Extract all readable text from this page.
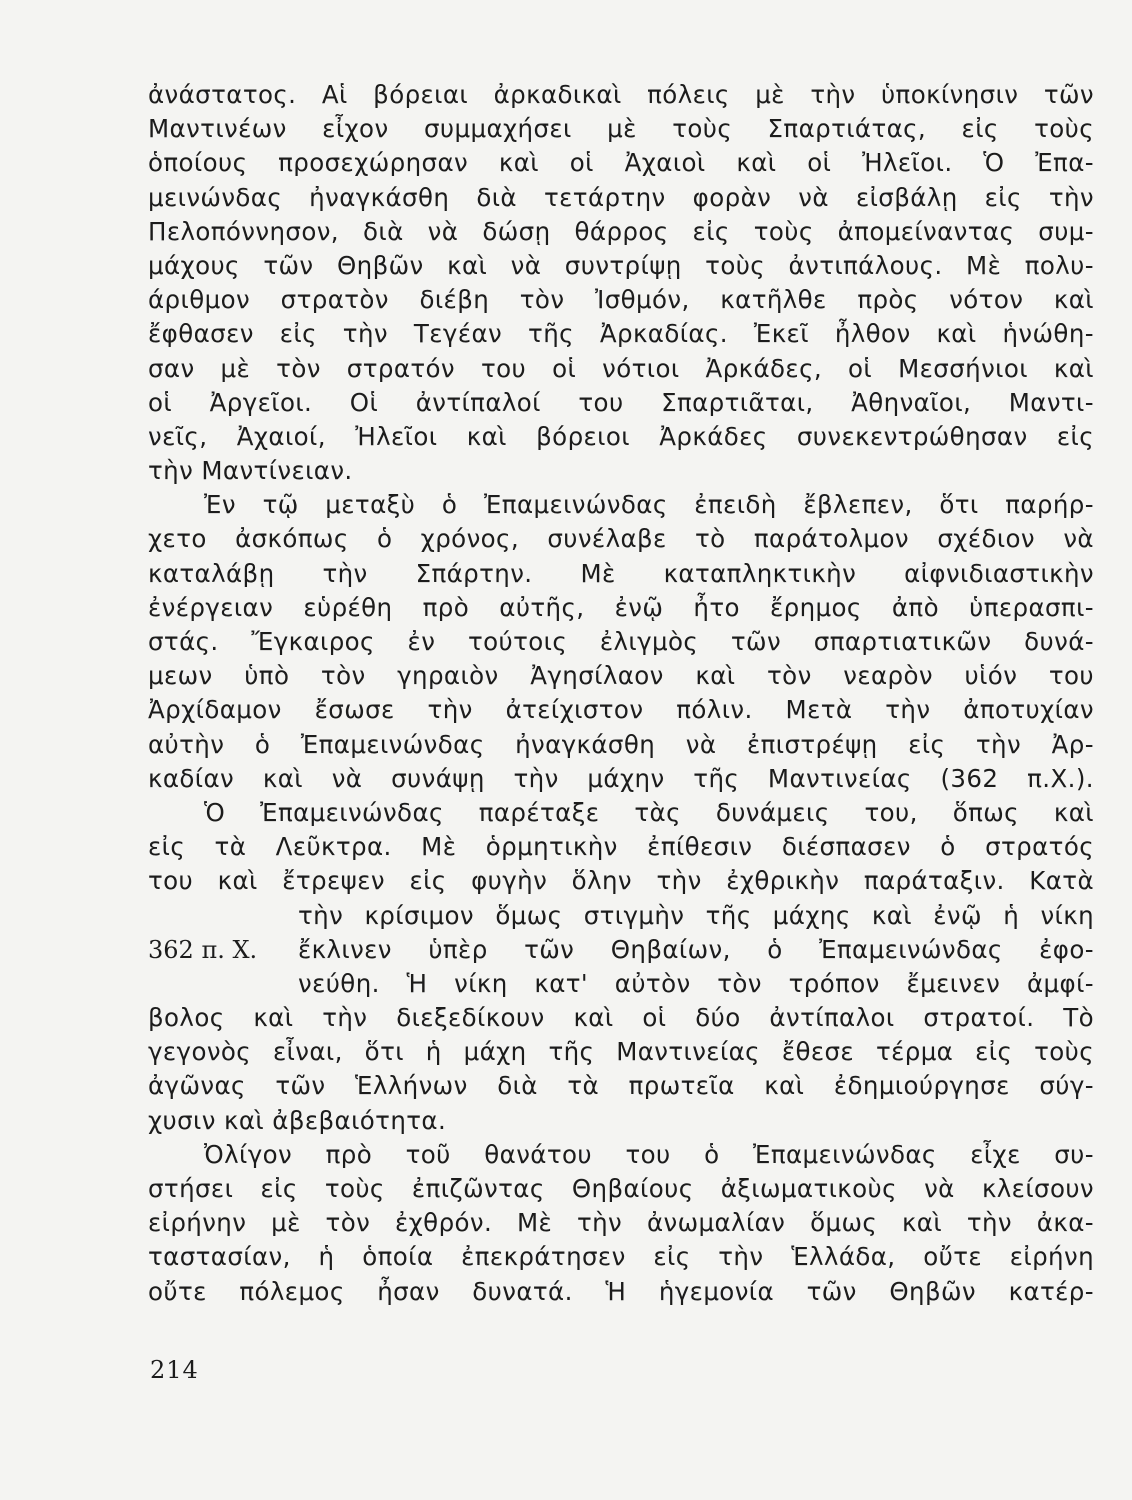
ἀνάστατος. Αἱ βόρειαι ἀρκαδικαὶ πόλεις μὲ τὴν ὑποκίνησιν τῶν
Μαντινέων εἶχον συμμαχήσει μὲ τοὺς Σπαρτιάτας, εἰς τοὺς
ὁποίους προσεχώρησαν καὶ οἱ Ἀχαιοὶ καὶ οἱ Ἠλεῖοι. Ὁ Ἐπα-
μεινώνδας ἠναγκάσθη διὰ τετάρτην φορὰν νὰ εἰσβάλῃ εἰς τὴν
Πελοπόννησον, διὰ νὰ δώσῃ θάρρος εἰς τοὺς ἀπομείναντας συμ-
μάχους τῶν Θηβῶν καὶ νὰ συντρίψῃ τοὺς ἀντιπάλους. Μὲ πολυ-
άριθμον στρατὸν διέβη τὸν Ἰσθμόν, κατῆλθε πρὸς νότον καὶ
ἔφθασεν εἰς τὴν Τεγέαν τῆς Ἀρκαδίας. Ἐκεῖ ἦλθον καὶ ἡνώθη-
σαν μὲ τὸν στρατόν του οἱ νότιοι Ἀρκάδες, οἱ Μεσσήνιοι καὶ
οἱ Ἀργεῖοι. Οἱ ἀντίπαλοί του Σπαρτιᾶται, Ἀθηναῖοι, Μαντι-
νεῖς, Ἀχαιοί, Ἠλεῖοι καὶ βόρειοι Ἀρκάδες συνεκεντρώθησαν εἰς
τὴν Μαντίνειαν.
Ἐν τῷ μεταξὺ ὁ Ἐπαμεινώνδας ἐπειδὴ ἔβλεπεν, ὅτι παρήρ-
χετο ἀσκόπως ὁ χρόνος, συνέλαβε τὸ παράτολμον σχέδιον νὰ
καταλάβῃ τὴν Σπάρτην. Μὲ καταπληκτικὴν αἰφνιδιαστικὴν
ἐνέργειαν εὑρέθη πρὸ αὐτῆς, ἐνῷ ἦτο ἔρημος ἀπὸ ὑπερασπι-
στάς. Ἔγκαιρος ἐν τούτοις ἐλιγμὸς τῶν σπαρτιατικῶν δυνά-
μεων ὑπὸ τὸν γηραιὸν Ἀγησίλαον καὶ τὸν νεαρὸν υἱόν του
Ἀρχίδαμον ἔσωσε τὴν ἀτείχιστον πόλιν. Μετὰ τὴν ἀποτυχίαν
αὐτὴν ὁ Ἐπαμεινώνδας ἠναγκάσθη νὰ ἐπιστρέψῃ εἰς τὴν Ἀρ-
καδίαν καὶ νὰ συνάψῃ τὴν μάχην τῆς Μαντινείας (362 π.Χ.).
Ὁ Ἐπαμεινώνδας παρέταξε τὰς δυνάμεις του, ὅπως καὶ
εἰς τὰ Λεῦκτρα. Μὲ ὁρμητικὴν ἐπίθεσιν διέσπασεν ὁ στρατός
του καὶ ἔτρεψεν εἰς φυγὴν ὅλην τὴν ἐχθρικὴν παράταξιν. Κατὰ
τὴν κρίσιμον ὅμως στιγμὴν τῆς μάχης καὶ ἐνῷ ἡ νίκη
362 π. Χ.	ἔκλινεν ὑπὲρ τῶν Θηβαίων, ὁ Ἐπαμεινώνδας ἐφο-
νεύθη. Ἡ νίκη κατ' αὐτὸν τὸν τρόπον ἔμεινεν ἀμφί-
βολος καὶ τὴν διεξεδίκουν καὶ οἱ δύο ἀντίπαλοι στρατοί. Τὸ
γεγονὸς εἶναι, ὅτι ἡ μάχη τῆς Μαντινείας ἔθεσε τέρμα εἰς τοὺς
ἀγῶνας τῶν Ἑλλήνων διὰ τὰ πρωτεῖα καὶ ἐδημιούργησε σύγ-
χυσιν καὶ ἀβεβαιότητα.
Ὀλίγον πρὸ τοῦ θανάτου του ὁ Ἐπαμεινώνδας εἶχε συ-
στήσει εἰς τοὺς ἐπιζῶντας Θηβαίους ἀξιωματικοὺς νὰ κλείσουν
εἰρήνην μὲ τὸν ἐχθρόν. Μὲ τὴν ἀνωμαλίαν ὅμως καὶ τὴν ἀκα-
ταστασίαν, ἡ ὁποία ἐπεκράτησεν εἰς τὴν Ἑλλάδα, οὔτε εἰρήνη
οὔτε πόλεμος ἦσαν δυνατά. Ἡ ἡγεμονία τῶν Θηβῶν κατέρ-
214
